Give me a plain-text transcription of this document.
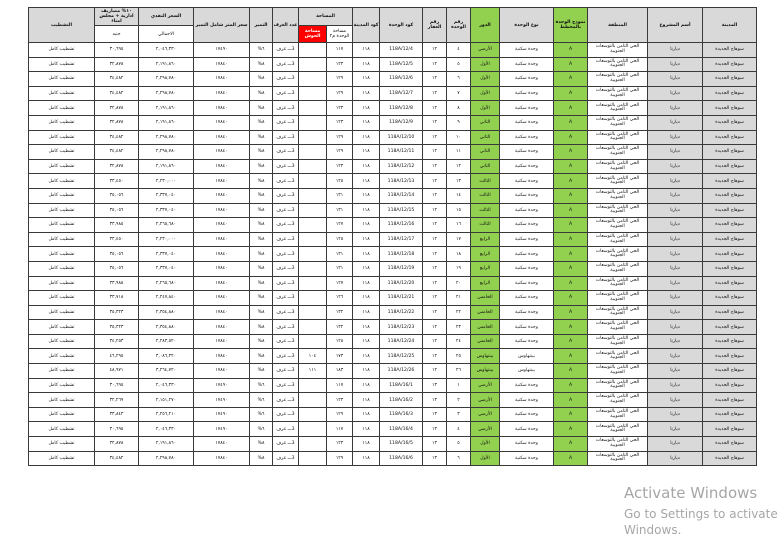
المدينة	أسم المشروع	المنطقة	نموذج الوحدة بالمخطط	نوع الوحدة	الدور	رقم الوحدة	رقم العقار	كود الوحدة	كود المدينة	المساحة		عدد الغرف	التميز	سعر المتر شامل التميز	السعر النقدي	١٠% مصاريف ادارية + مجلس امناء	التشطيب
										مساحة الوحدة م٢	مساحة الحوش				الاجمالي	جنيه	
سوهاج الجديدة	ديارنا	الحي الثامن بالتوسعات الجنوبية	A	وحدة سكنية	الأرضي	٤	١٢	118A/12/4	١١٨	١١٧		3ـــ غرف	٦%	١٧٤٩٠	٢,٠٤٦,٣٣٠	٣٠,٦٩٥	تشطيب كامل
سوهاج الجديدة	ديارنا	الحي الثامن بالتوسعات الجنوبية	A	وحدة سكنية	الأول	٥	١٢	118A/12/5	١١٨	١٢٣		3ـــ غرف	٨%	١٧٨٤٠	٢,١٩١,٨٦٠	٣٢,٨٧٨	تشطيب كامل
سوهاج الجديدة	ديارنا	الحي الثامن بالتوسعات الجنوبية	A	وحدة سكنية	الأول	٦	١٢	118A/12/6	١١٨	١٢٩		3ـــ غرف	٨%	١٧٨٤٠	٢,٢٩٨,٧٨٠	٣٤,٤٨٢	تشطيب كامل
سوهاج الجديدة	ديارنا	الحي الثامن بالتوسعات الجنوبية	A	وحدة سكنية	الأول	٧	١٢	118A/12/7	١١٨	١٢٩		3ـــ غرف	٨%	١٧٨٤٠	٢,٢٩٨,٧٨٠	٣٤,٤٨٢	تشطيب كامل
سوهاج الجديدة	ديارنا	الحي الثامن بالتوسعات الجنوبية	A	وحدة سكنية	الأول	٨	١٢	118A/12/8	١١٨	١٢٣		3ـــ غرف	٨%	١٧٨٤٠	٢,١٩١,٨٦٠	٣٢,٨٧٨	تشطيب كامل
سوهاج الجديدة	ديارنا	الحي الثامن بالتوسعات الجنوبية	A	وحدة سكنية	الثاني	٩	١٢	118A/12/9	١١٨	١٢٣		3ـــ غرف	٨%	١٧٨٤٠	٢,١٩١,٨٦٠	٣٢,٨٧٨	تشطيب كامل
سوهاج الجديدة	ديارنا	الحي الثامن بالتوسعات الجنوبية	A	وحدة سكنية	الثاني	١٠	١٢	118A/12/10	١١٨	١٢٩		3ـــ غرف	٨%	١٧٨٤٠	٢,٢٩٨,٧٨٠	٣٤,٤٨٢	تشطيب كامل
سوهاج الجديدة	ديارنا	الحي الثامن بالتوسعات الجنوبية	A	وحدة سكنية	الثاني	١١	١٢	118A/12/11	١١٨	١٢٩		3ـــ غرف	٨%	١٧٨٤٠	٢,٢٩٨,٧٨٠	٣٤,٤٨٢	تشطيب كامل
سوهاج الجديدة	ديارنا	الحي الثامن بالتوسعات الجنوبية	A	وحدة سكنية	الثاني	١٢	١٢	118A/12/12	١١٨	١٢٣		3ـــ غرف	٨%	١٧٨٤٠	٢,١٩١,٨٦٠	٣٢,٨٧٨	تشطيب كامل
سوهاج الجديدة	ديارنا	الحي الثامن بالتوسعات الجنوبية	A	وحدة سكنية	الثالث	١٣	١٢	118A/12/13	١١٨	١٢٥		3ـــ غرف	٨%	١٧٨٤٠	٢,٢٣٠,٠٠٠	٣٣,٤٥٠	تشطيب كامل
سوهاج الجديدة	ديارنا	الحي الثامن بالتوسعات الجنوبية	A	وحدة سكنية	الثالث	١٤	١٢	118A/12/14	١١٨	١٣١		3ـــ غرف	٨%	١٧٨٤٠	٢,٣٣٧,٠٤٠	٣٥,٠٥٦	تشطيب كامل
سوهاج الجديدة	ديارنا	الحي الثامن بالتوسعات الجنوبية	A	وحدة سكنية	الثالث	١٥	١٢	118A/12/15	١١٨	١٣١		3ـــ غرف	٨%	١٧٨٤٠	٢,٣٣٧,٠٤٠	٣٥,٠٥٦	تشطيب كامل
سوهاج الجديدة	ديارنا	الحي الثامن بالتوسعات الجنوبية	A	وحدة سكنية	الثالث	١٦	١٢	118A/12/16	١١٨	١٢٧		3ـــ غرف	٨%	١٧٨٤٠	٢,٢٦٥,٦٨٠	٣٣,٩٨٥	تشطيب كامل
سوهاج الجديدة	ديارنا	الحي الثامن بالتوسعات الجنوبية	A	وحدة سكنية	الرابع	١٧	١٢	118A/12/17	١١٨	١٢٥		3ـــ غرف	٨%	١٧٨٤٠	٢,٢٣٠,٠٠٠	٣٣,٤٥٠	تشطيب كامل
سوهاج الجديدة	ديارنا	الحي الثامن بالتوسعات الجنوبية	A	وحدة سكنية	الرابع	١٨	١٢	118A/12/18	١١٨	١٣١		3ـــ غرف	٨%	١٧٨٤٠	٢,٣٣٧,٠٤٠	٣٥,٠٥٦	تشطيب كامل
سوهاج الجديدة	ديارنا	الحي الثامن بالتوسعات الجنوبية	A	وحدة سكنية	الرابع	١٩	١٢	118A/12/19	١١٨	١٣١		3ـــ غرف	٨%	١٧٨٤٠	٢,٣٣٧,٠٤٠	٣٥,٠٥٦	تشطيب كامل
سوهاج الجديدة	ديارنا	الحي الثامن بالتوسعات الجنوبية	A	وحدة سكنية	الرابع	٢٠	١٢	118A/12/20	١١٨	١٢٧		3ـــ غرف	٨%	١٧٨٤٠	٢,٢٦٥,٦٨٠	٣٣,٩٨٥	تشطيب كامل
سوهاج الجديدة	ديارنا	الحي الثامن بالتوسعات الجنوبية	A	وحدة سكنية	الخامس	٢١	١٢	118A/12/21	١١٨	١٢٦		3ـــ غرف	٨%	١٧٨٤٠	٢,٢٤٧,٨٤٠	٣٣,٧١٨	تشطيب كامل
سوهاج الجديدة	ديارنا	الحي الثامن بالتوسعات الجنوبية	A	وحدة سكنية	الخامس	٢٢	١٢	118A/12/22	١١٨	١٣٢		3ـــ غرف	٨%	١٧٨٤٠	٢,٣٥٤,٨٨٠	٣٥,٣٢٣	تشطيب كامل
سوهاج الجديدة	ديارنا	الحي الثامن بالتوسعات الجنوبية	A	وحدة سكنية	الخامس	٢٣	١٢	118A/12/23	١١٨	١٣٢		3ـــ غرف	٨%	١٧٨٤٠	٢,٣٥٤,٨٨٠	٣٥,٣٢٣	تشطيب كامل
سوهاج الجديدة	ديارنا	الحي الثامن بالتوسعات الجنوبية	A	وحدة سكنية	الخامس	٢٤	١٢	118A/12/24	١١٨	١٢٨		3ـــ غرف	٨%	١٧٨٤٠	٢,٢٨٣,٥٢٠	٣٤,٢٥٣	تشطيب كامل
سوهاج الجديدة	ديارنا	الحي الثامن بالتوسعات الجنوبية	A	بينتهاوس	بينتهاوس	٢٥	١٢	118A/12/25	١١٨	١٧٣	١٠٤	3ـــ غرف	٨%	١٧٨٤٠	٣,٠٨٦,٣٢٠	٤٦,٢٩٥	تشطيب كامل
سوهاج الجديدة	ديارنا	الحي الثامن بالتوسعات الجنوبية	A	بينتهاوس	بينتهاوس	٢٦	١٢	118A/12/26	١١٨	١٨٣	١١١	3ـــ غرف	٨%	١٧٨٤٠	٣,٢٦٤,٧٢٠	٤٨,٩٧١	تشطيب كامل
سوهاج الجديدة	ديارنا	الحي الثامن بالتوسعات الجنوبية	A	وحدة سكنية	الأرضي	١	١٣	118A/16/1	١١٨	١١٧		3ـــ غرف	٦%	١٧٤٩٠	٢,٠٤٦,٣٣٠	٣٠,٦٩٥	تشطيب كامل
سوهاج الجديدة	ديارنا	الحي الثامن بالتوسعات الجنوبية	A	وحدة سكنية	الأرضي	٢	١٣	118A/16/2	١١٨	١٢٣		3ـــ غرف	٦%	١٧٤٩٠	٢,١٥١,٢٧٠	٣٢,٢٦٩	تشطيب كامل
سوهاج الجديدة	ديارنا	الحي الثامن بالتوسعات الجنوبية	A	وحدة سكنية	الأرضي	٣	١٣	118A/16/3	١١٨	١٢٩		3ـــ غرف	٦%	١٧٤٩٠	٢,٢٥٦,٢١٠	٣٣,٨٤٣	تشطيب كامل
سوهاج الجديدة	ديارنا	الحي الثامن بالتوسعات الجنوبية	A	وحدة سكنية	الأرضي	٤	١٣	118A/16/4	١١٨	١١٧		3ـــ غرف	٦%	١٧٤٩٠	٢,٠٤٦,٣٣٠	٣٠,٦٩٥	تشطيب كامل
سوهاج الجديدة	ديارنا	الحي الثامن بالتوسعات الجنوبية	A	وحدة سكنية	الأول	٥	١٣	118A/16/5	١١٨	١٢٣		3ـــ غرف	٨%	١٧٨٤٠	٢,١٩١,٨٦٠	٣٢,٨٧٨	تشطيب كامل
سوهاج الجديدة	ديارنا	الحي الثامن بالتوسعات الجنوبية	A	وحدة سكنية	الأول	٦	١٣	118A/16/6	١١٨	١٢٩		3ـــ غرف	٨%	١٧٨٤٠	٢,٢٩٨,٧٨٠	٣٤,٤٨٢	تشطيب كامل
Activate Windows
Go to Settings to activate Windows.
